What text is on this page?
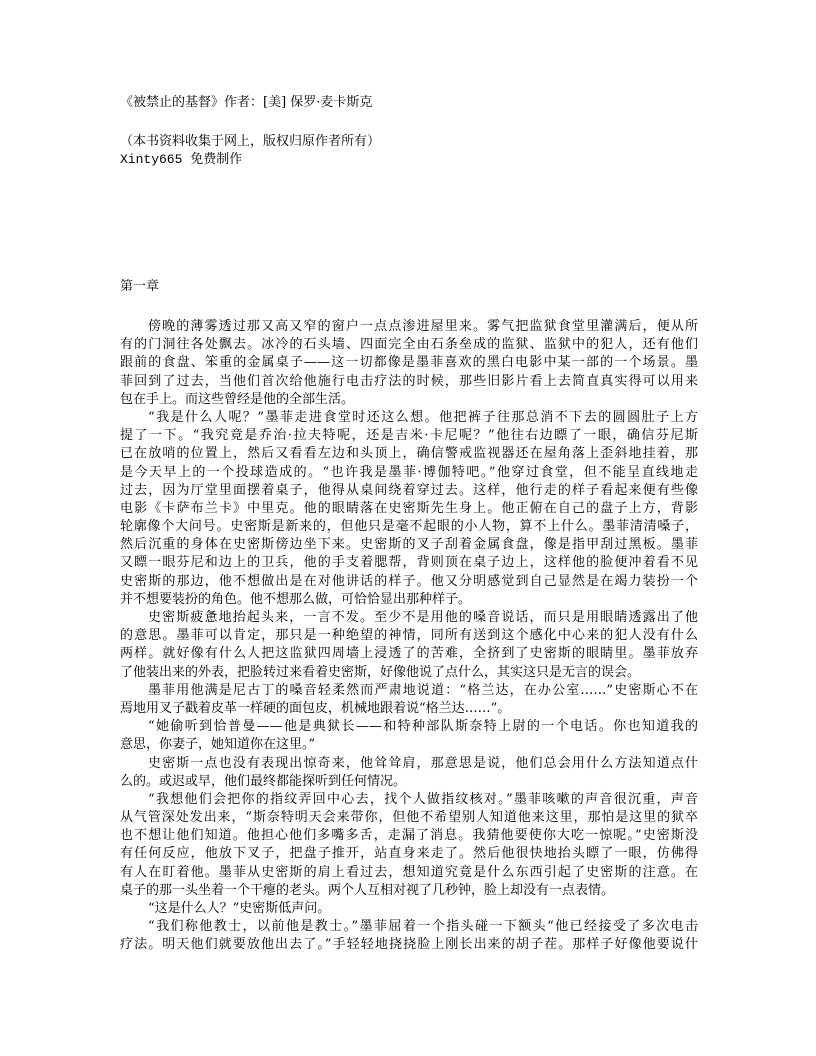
《被禁止的基督》作者：[美] 保罗·麦卡斯克
（本书资料收集于网上，版权归原作者所有）
Xinty665 免费制作
第一章
傍晚的薄雾透过那又高又窄的窗户一点点渗进屋里来。雾气把监狱食堂里灌满后，便从所
有的门洞往各处飘去。冰冷的石头墙、四面完全由石条垒成的监狱、监狱中的犯人，还有他们
跟前的食盘、笨重的金属桌子——这一切都像是墨菲喜欢的黑白电影中某一部的一个场景。墨
菲回到了过去，当他们首次给他施行电击疗法的时候，那些旧影片看上去简直真实得可以用来
包在手上。而这些曾经是他的全部生活。
“我是什么人呢？”墨菲走进食堂时还这么想。他把裤子往那总消不下去的圆圆肚子上方
提了一下。“我究竟是乔治·拉夫特呢，还是吉米·卡尼呢？”他往右边瞟了一眼，确信芬尼斯
已在放哨的位置上，然后又看看左边和头顶上，确信警戒监视器还在屋角落上歪斜地挂着，那
是今天早上的一个投球造成的。“也许我是墨菲·博伽特吧。”他穿过食堂，但不能呈直线地走
过去，因为厅堂里面摆着桌子，他得从桌间绕着穿过去。这样，他行走的样子看起来便有些像
电影《卡萨布兰卡》中里克。他的眼睛落在史密斯先生身上。他正俯在自己的盘子上方，背影
轮廓像个大问号。史密斯是新来的，但他只是毫不起眼的小人物，算不上什么。墨菲清清嗓子，
然后沉重的身体在史密斯傍边坐下来。史密斯的叉子刮着金属食盘，像是指甲刮过黑板。墨菲
又瞟一眼芬尼和边上的卫兵，他的手支着腮帮，背则顶在桌子边上，这样他的脸便冲着看不见
史密斯的那边，他不想做出是在对他讲话的样子。他又分明感觉到自己显然是在竭力装扮一个
并不想要装扮的角色。他不想那么做，可恰恰显出那种样子。
史密斯疲惫地抬起头来，一言不发。至少不是用他的嗓音说话，而只是用眼睛透露出了他
的意思。墨菲可以肯定，那只是一种绝望的神情，同所有送到这个感化中心来的犯人没有什么
两样。就好像有什么人把这监狱四周墙上浸透了的苦难，全挤到了史密斯的眼睛里。墨菲放弃
了他装出来的外表，把脸转过来看着史密斯，好像他说了点什么，其实这只是无言的误会。
墨菲用他满是尼古丁的嗓音轻柔然而严肃地说道：“格兰达，在办公室……”史密斯心不在
焉地用叉子戳着皮革一样硬的面包皮，机械地跟着说“格兰达……”。
“她偷听到恰普曼——他是典狱长——和特种部队斯奈特上尉的一个电话。你也知道我的
意思，你妻子，她知道你在这里。”
史密斯一点也没有表现出惊奇来，他耸耸肩，那意思是说，他们总会用什么方法知道点什
么的。或迟或早，他们最终都能探听到任何情况。
“我想他们会把你的指纹弄回中心去，找个人做指纹核对。”墨菲咳嗽的声音很沉重，声音
从气管深处发出来，“斯奈特明天会来带你，但他不希望别人知道他来这里，那怕是这里的狱卒
也不想让他们知道。他担心他们多嘴多舌，走漏了消息。我猜他要使你大吃一惊呢。”史密斯没
有任何反应，他放下叉子，把盘子推开，站直身来走了。然后他很快地抬头瞟了一眼，仿佛得
有人在盯着他。墨菲从史密斯的肩上看过去，想知道究竟是什么东西引起了史密斯的注意。在
桌子的那一头坐着一个干瘪的老头。两个人互相对视了几秒钟，脸上却没有一点表情。
“这是什么人？”史密斯低声问。
“我们称他教士，以前他是教士。”墨菲屈着一个指头碰一下额头“他已经接受了多次电击
疗法。明天他们就要放他出去了。”手轻轻地挠挠脸上刚长出来的胡子茬。那样子好像他要说什
